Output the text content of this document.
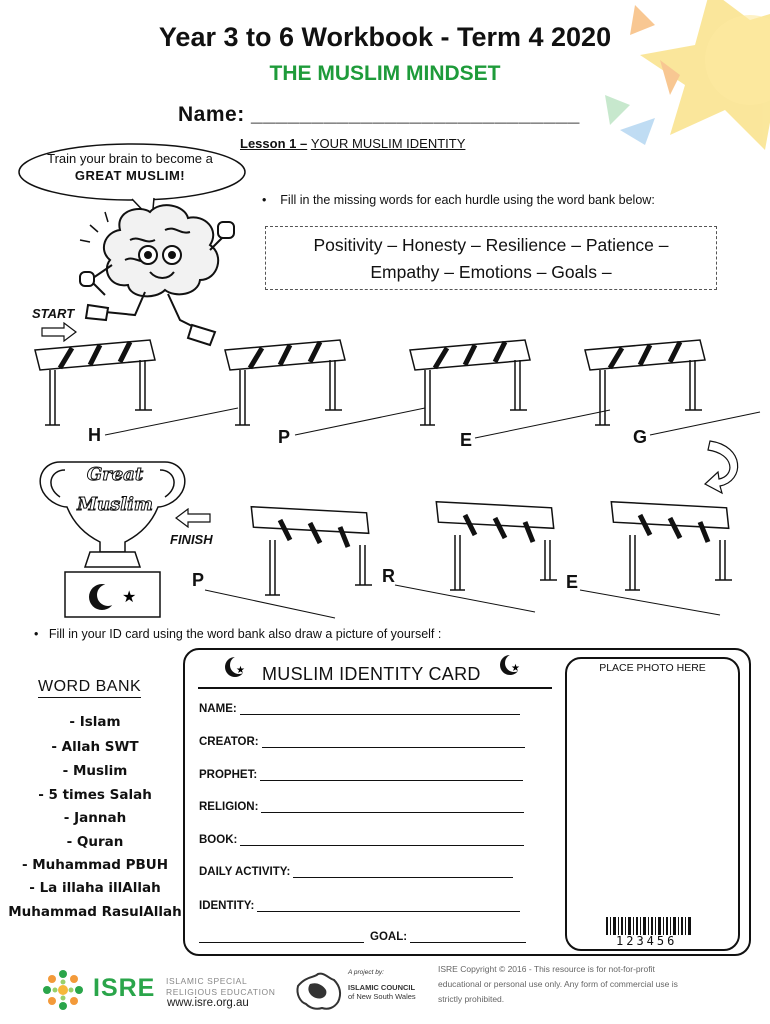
Year 3 to 6 Workbook - Term 4 2020
THE MUSLIM MINDSET
Name: ___________________________
Lesson 1 – YOUR MUSLIM IDENTITY
Train your brain to become a
GREAT MUSLIM!
• Fill in the missing words for each hurdle using the word bank below:
Positivity – Honesty – Resilience – Patience –
Empathy – Emotions – Goals –
START
H	P	E	G
★
Great
Muslim
FINISH
P	R	E
• Fill in your ID card using the word bank also draw a picture of yourself :
WORD BANK
- Islam
- Allah SWT
- Muslim
- 5 times Salah
- Jannah
- Quran
- Muhammad PBUH
- La illaha illAllah
Muhammad RasulAllah
★	★
MUSLIM IDENTITY CARD
NAME:
CREATOR:
PROPHET:
RELIGION:
BOOK:
DAILY ACTIVITY:
IDENTITY:
GOAL:
PLACE PHOTO HERE
123456
ISRE ISLAMIC SPECIAL
RELIGIOUS EDUCATION
www.isre.org.au
A project by:
ISLAMIC COUNCIL
of New South Wales
ISRE Copyright © 2016 - This resource is for not-for-profit
educational or personal use only. Any form of commercial use is
strictly prohibited.
